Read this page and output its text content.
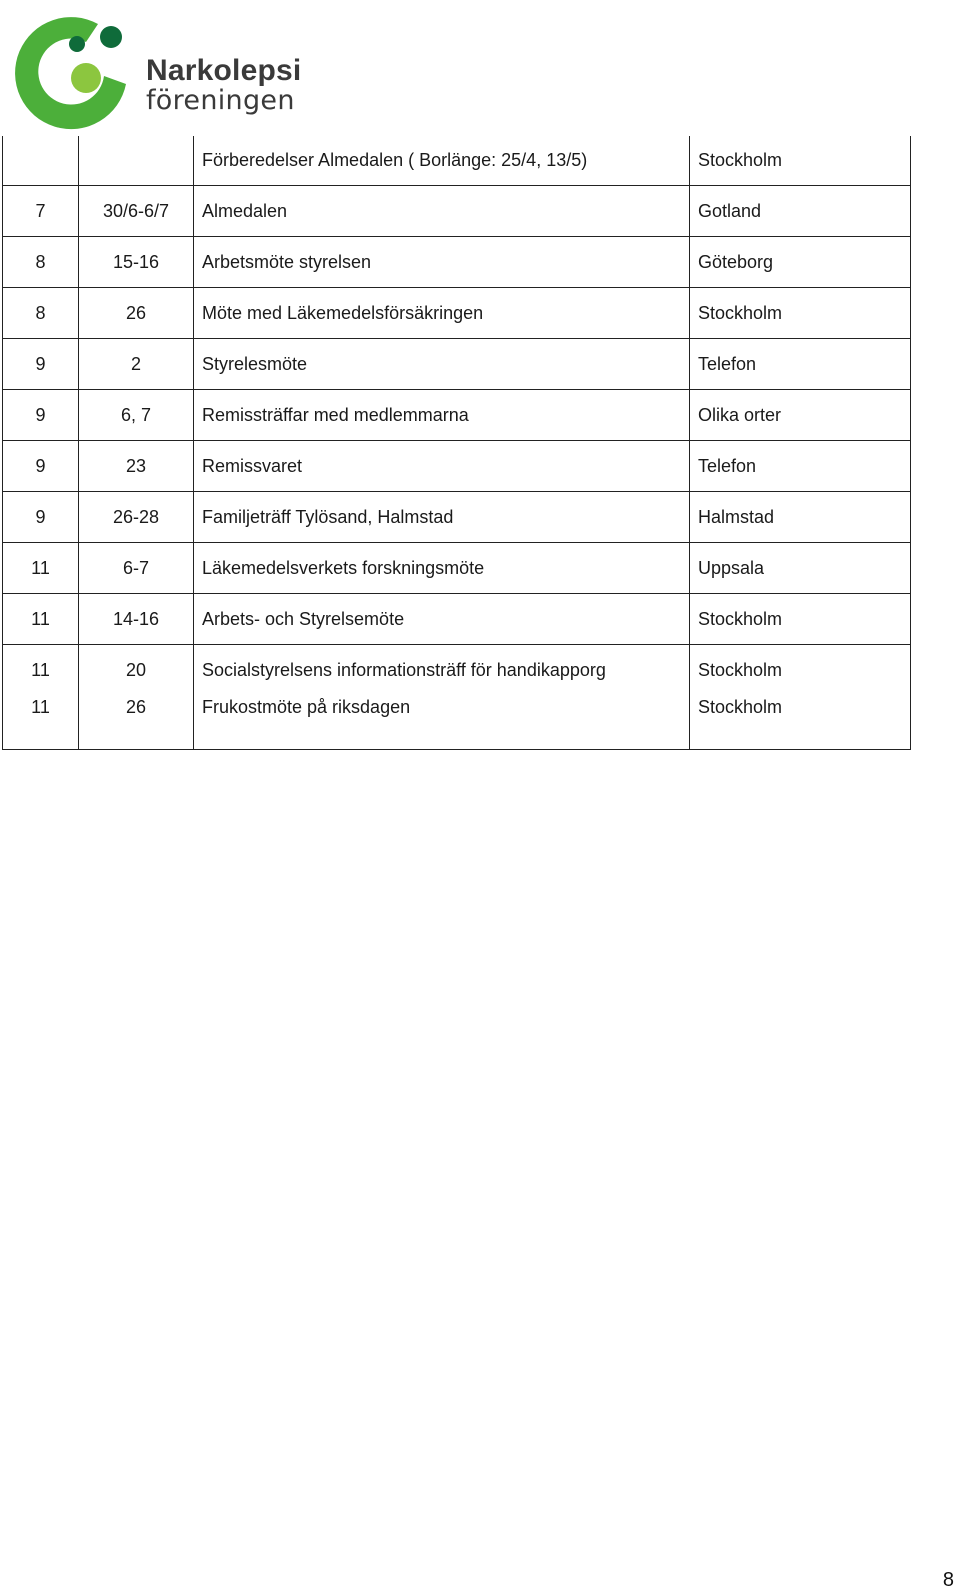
Narkolepsi
föreningen
		Förberedelser Almedalen ( Borlänge: 25/4, 13/5)	Stockholm
7	30/6-6/7	Almedalen	Gotland
8	15-16	Arbetsmöte styrelsen	Göteborg
8	26	Möte med Läkemedelsförsäkringen	Stockholm
9	2	Styrelesmöte	Telefon
9	6, 7	Remissträffar med medlemmarna	Olika orter
9	23	Remissvaret	Telefon
9	26-28	Familjeträff Tylösand, Halmstad	Halmstad
11	6-7	Läkemedelsverkets forskningsmöte	Uppsala
11	14-16	Arbets- och Styrelsemöte	Stockholm
11	20	Socialstyrelsens informationsträff för handikapporg	Stockholm
11	26	Frukostmöte på riksdagen	Stockholm
8
